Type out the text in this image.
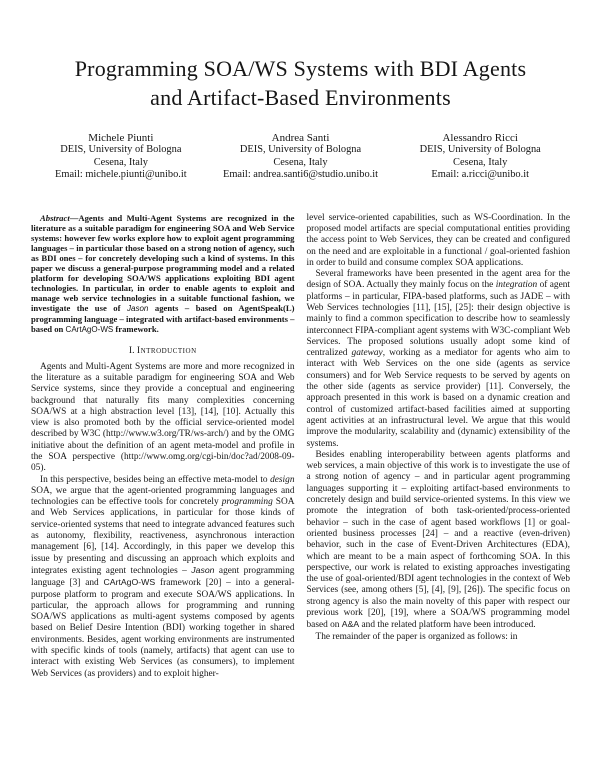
Programming SOA/WS Systems with BDI Agents
and Artifact-Based Environments
Michele Piunti
DEIS, University of Bologna
Cesena, Italy
Email: michele.piunti@unibo.it
Andrea Santi
DEIS, University of Bologna
Cesena, Italy
Email: andrea.santi6@studio.unibo.it
Alessandro Ricci
DEIS, University of Bologna
Cesena, Italy
Email: a.ricci@unibo.it

Abstract—Agents and Multi-Agent Systems are recognized in the literature as a suitable paradigm for engineering SOA and Web Service systems: however few works explore how to exploit agent programming languages – in particular those based on a strong notion of agency, such as BDI ones – for concretely developing such a kind of systems. In this paper we discuss a general-purpose programming model and a related platform for developing SOA/WS applications exploiting BDI agent technologies. In particular, in order to enable agents to exploit and manage web service technologies in a suitable functional fashion, we investigate the use of Jason agents – based on AgentSpeak(L) programming language – integrated with artifact-based environments – based on CArtAgO-WS framework.

I. Introduction

Agents and Multi-Agent Systems are more and more recognized in the literature as a suitable paradigm for engineering SOA and Web Service systems, since they provide a conceptual and engineering background that naturally fits many complexities concerning SOA/WS at a high abstraction level [13], [14], [10]. Actually this view is also promoted both by the official service-oriented model described by W3C (http://www.w3.org/TR/ws-arch/) and by the OMG initiative about the definition of an agent meta-model and profile in the SOA perspective (http://www.omg.org/cgi-bin/doc?ad/2008-09-05).

In this perspective, besides being an effective meta-model to design SOA, we argue that the agent-oriented programming languages and technologies can be effective tools for concretely programming SOA and Web Services applications, in particular for those kinds of service-oriented systems that need to integrate advanced features such as autonomy, flexibility, reactiveness, asynchronous interaction management [6], [14]. Accordingly, in this paper we develop this issue by presenting and discussing an approach which exploits and integrates existing agent technologies – Jason agent programming language [3] and CArtAgO-WS framework [20] – into a general-purpose platform to program and execute SOA/WS applications. In particular, the approach allows for programming and running SOA/WS applications as multi-agent systems composed by agents based on Belief Desire Intention (BDI) working together in shared environments. Besides, agent working environments are instrumented with specific kinds of tools (namely, artifacts) that agent can use to interact with existing Web Services (as consumers), to implement Web Services (as providers) and to exploit higher-

level service-oriented capabilities, such as WS-Coordination. In the proposed model artifacts are special computational entities providing the access point to Web Services, they can be created and configured on the need and are exploitable in a functional / goal-oriented fashion in order to build and consume complex SOA applications.

Several frameworks have been presented in the agent area for the design of SOA. Actually they mainly focus on the integration of agent platforms – in particular, FIPA-based platforms, such as JADE – with Web Services technologies [11], [15], [25]: their design objective is mainly to find a common specification to describe how to seamlessly interconnect FIPA-compliant agent systems with W3C-compliant Web Services. The proposed solutions usually adopt some kind of centralized gateway, working as a mediator for agents who aim to interact with Web Services on the one side (agents as service consumers) and for Web Service requests to be served by agents on the other side (agents as service provider) [11]. Conversely, the approach presented in this work is based on a dynamic creation and control of customized artifact-based facilities aimed at supporting agent activities at an infrastructural level. We argue that this would improve the modularity, scalability and (dynamic) extensibility of the systems.

Besides enabling interoperability between agents platforms and web services, a main objective of this work is to investigate the use of a strong notion of agency – and in particular agent programming languages supporting it – exploiting artifact-based environments to concretely design and build service-oriented systems. In this view we promote the integration of both task-oriented/process-oriented behavior – such in the case of agent based workflows [1] or goal-oriented business processes [24] – and a reactive (even-driven) behavior, such in the case of Event-Driven Architectures (EDA), which are meant to be a main aspect of forthcoming SOA. In this perspective, our work is related to existing approaches investigating the use of goal-oriented/BDI agent technologies in the context of Web Services (see, among others [5], [4], [9], [26]). The specific focus on strong agency is also the main novelty of this paper with respect our previous work [20], [19], where a SOA/WS programming model based on A&A and the related platform have been introduced.

The remainder of the paper is organized as follows: in
